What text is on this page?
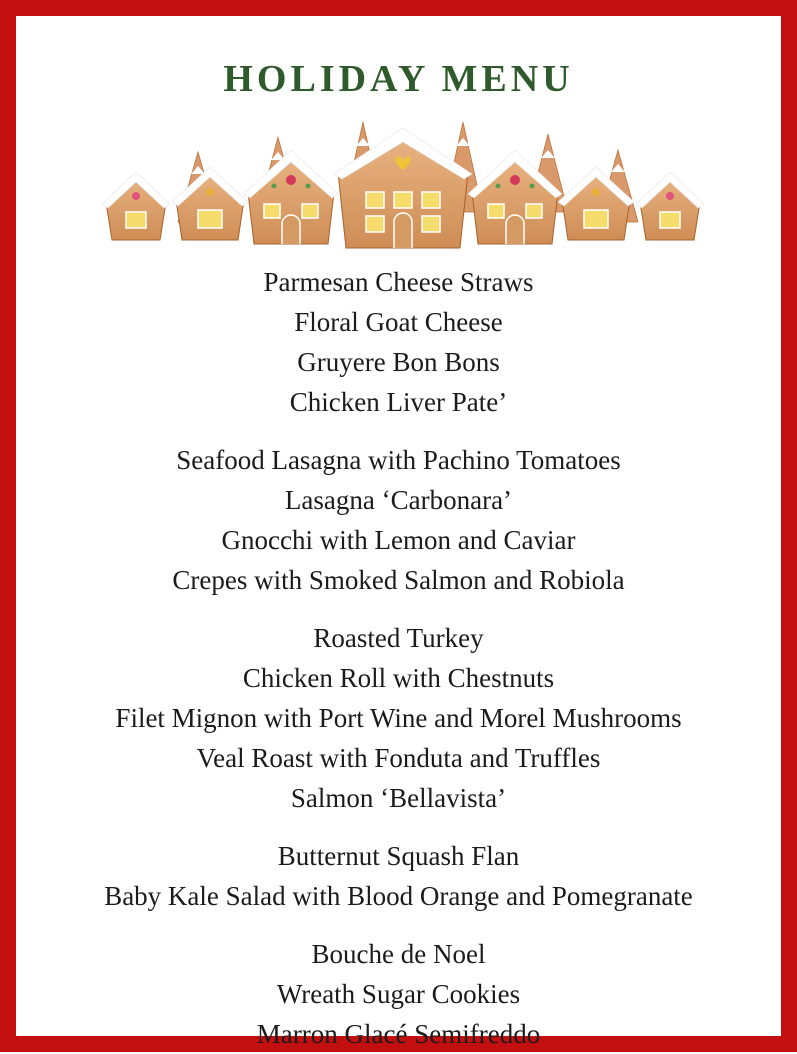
HOLIDAY MENU
Parmesan Cheese Straws
Floral Goat Cheese
Gruyere Bon Bons
Chicken Liver Pate’
Seafood Lasagna with Pachino Tomatoes
Lasagna ‘Carbonara’
Gnocchi with Lemon and Caviar
Crepes with Smoked Salmon and Robiola
Roasted Turkey
Chicken Roll with Chestnuts
Filet Mignon with Port Wine and Morel Mushrooms
Veal Roast with Fonduta and Truffles
Salmon ‘Bellavista’
Butternut Squash Flan
Baby Kale Salad with Blood Orange and Pomegranate
Bouche de Noel
Wreath Sugar Cookies
Marron Glacé Semifreddo
